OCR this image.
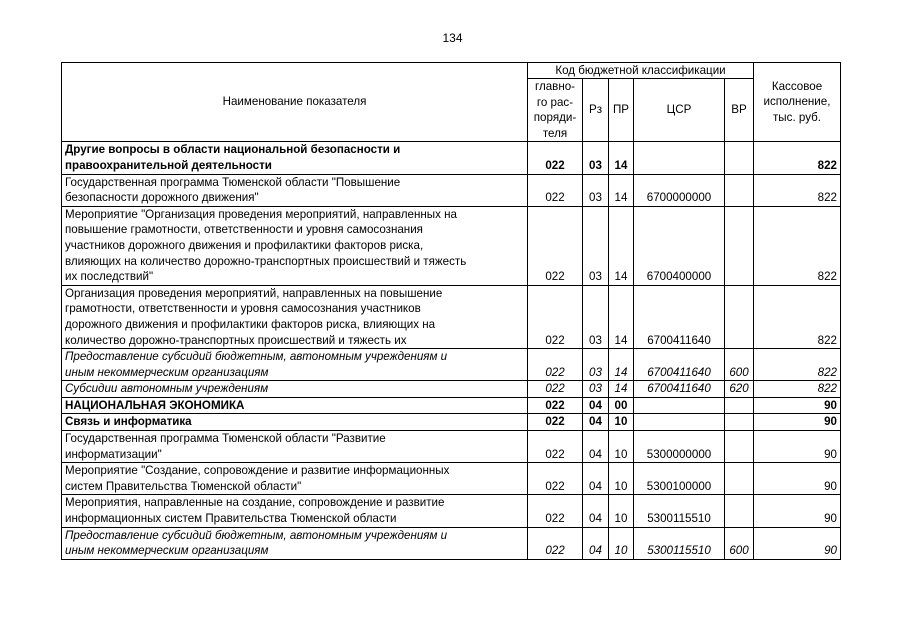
134
Наименование показателя	Код бюджетной классификации					Кассовое
исполнение,
тыс. руб.

	главно-
го рас-
поряди-
теля	Рз	ПР	ЦСР	ВР	

Другие вопросы в области национальной безопасности и
правоохранительной деятельности	022	03	14			822

Государственная программа Тюменской области "Повышение
безопасности дорожного движения"	022	03	14	6700000000		822

Мероприятие "Организация проведения мероприятий, направленных на
повышение грамотности, ответственности и уровня самосознания
участников дорожного движения и профилактики факторов риска,
влияющих на количество дорожно-транспортных происшествий и тяжесть
их последствий"	022	03	14	6700400000		822

Организация проведения мероприятий, направленных на повышение
грамотности, ответственности и уровня самосознания участников
дорожного движения и профилактики факторов риска, влияющих на
количество дорожно-транспортных происшествий и тяжесть их	022	03	14	6700411640		822

Предоставление субсидий бюджетным, автономным учреждениям и
иным некоммерческим организациям	022	03	14	6700411640	600	822

Субсидии автономным учреждениям	022	03	14	6700411640	620	822

НАЦИОНАЛЬНАЯ ЭКОНОМИКА	022	04	00			90

Связь и информатика	022	04	10			90

Государственная программа Тюменской области "Развитие
информатизации"	022	04	10	5300000000		90

Мероприятие "Создание, сопровождение и развитие информационных
систем Правительства Тюменской области"	022	04	10	5300100000		90

Мероприятия, направленные на создание, сопровождение и развитие
информационных систем Правительства Тюменской области	022	04	10	5300115510		90

Предоставление субсидий бюджетным, автономным учреждениям и
иным некоммерческим организациям	022	04	10	5300115510	600	90
